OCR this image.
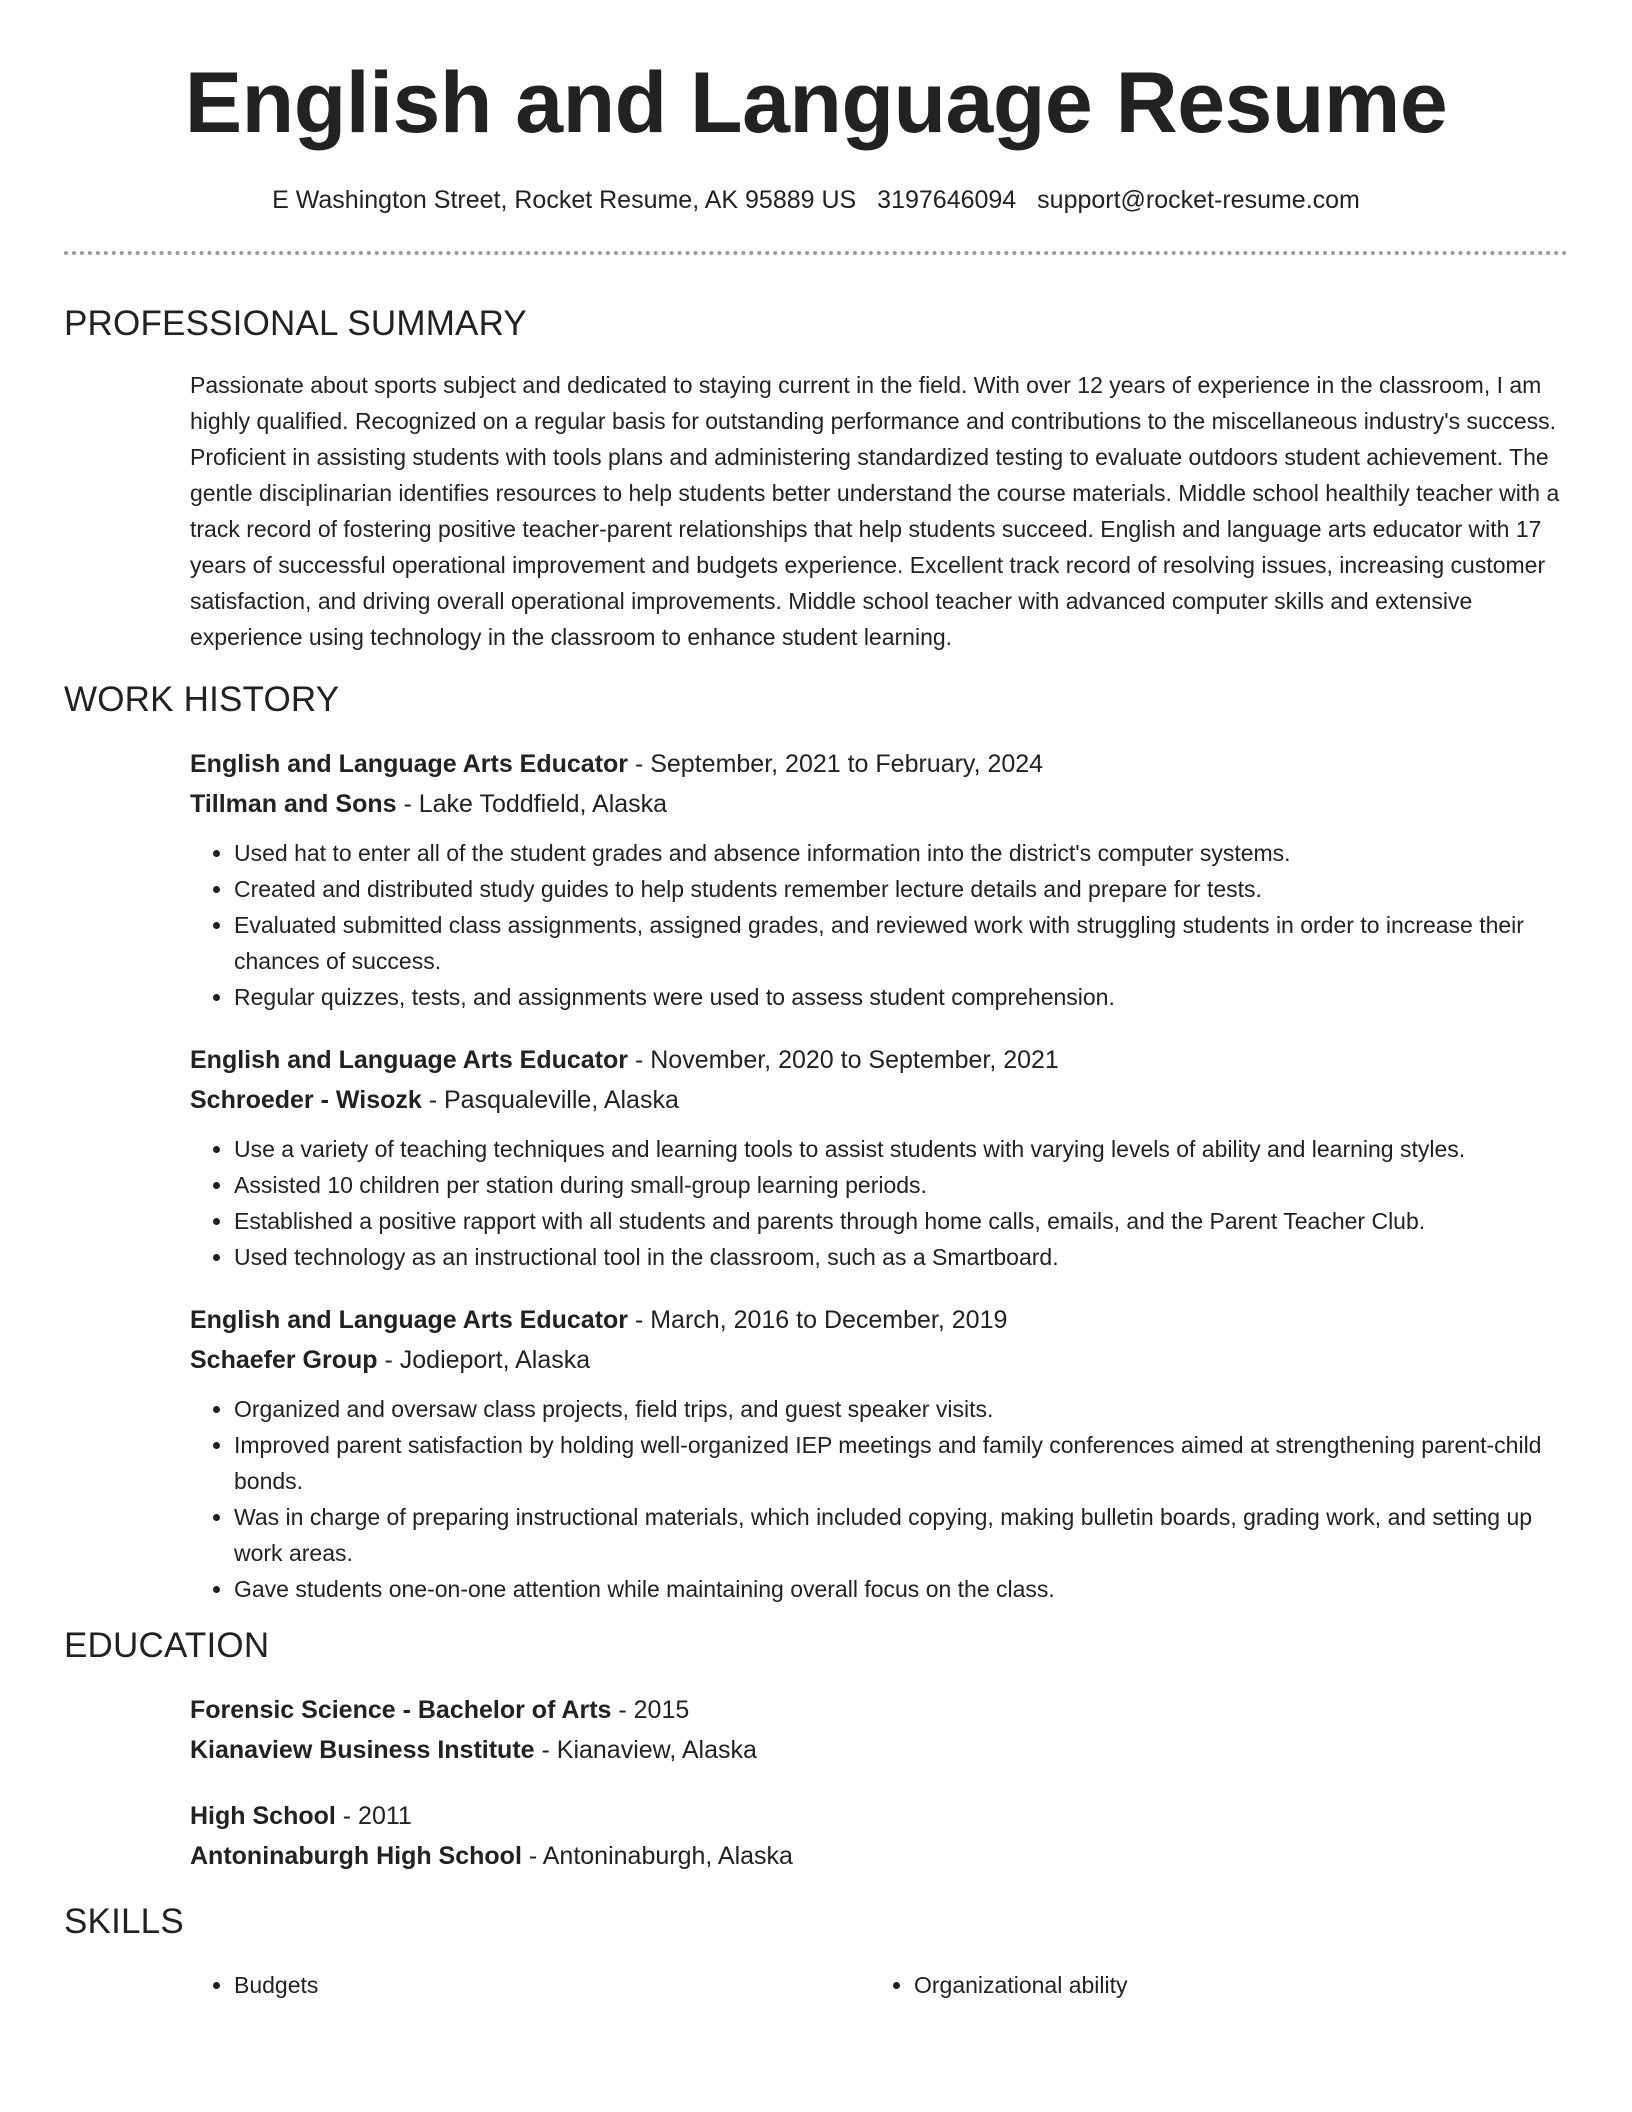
English and Language Resume
E Washington Street, Rocket Resume, AK 95889 US 3197646094 support@rocket-resume.com
PROFESSIONAL SUMMARY

Passionate about sports subject and dedicated to staying current in the field. With over 12 years of experience in the classroom, I am highly qualified. Recognized on a regular basis for outstanding performance and contributions to the miscellaneous industry's success. Proficient in assisting students with tools plans and administering standardized testing to evaluate outdoors student achievement. The gentle disciplinarian identifies resources to help students better understand the course materials. Middle school healthily teacher with a track record of fostering positive teacher-parent relationships that help students succeed. English and language arts educator with 17 years of successful operational improvement and budgets experience. Excellent track record of resolving issues, increasing customer satisfaction, and driving overall operational improvements. Middle school teacher with advanced computer skills and extensive experience using technology in the classroom to enhance student learning.

WORK HISTORY

English and Language Arts Educator - September, 2021 to February, 2024

Tillman and Sons - Lake Toddfield, Alaska

• Used hat to enter all of the student grades and absence information into the district's computer systems.
• Created and distributed study guides to help students remember lecture details and prepare for tests.
• Evaluated submitted class assignments, assigned grades, and reviewed work with struggling students in order to increase their chances of success.
• Regular quizzes, tests, and assignments were used to assess student comprehension.

English and Language Arts Educator - November, 2020 to September, 2021

Schroeder - Wisozk - Pasqualeville, Alaska

• Use a variety of teaching techniques and learning tools to assist students with varying levels of ability and learning styles.
• Assisted 10 children per station during small-group learning periods.
• Established a positive rapport with all students and parents through home calls, emails, and the Parent Teacher Club.
• Used technology as an instructional tool in the classroom, such as a Smartboard.

English and Language Arts Educator - March, 2016 to December, 2019

Schaefer Group - Jodieport, Alaska

• Organized and oversaw class projects, field trips, and guest speaker visits.
• Improved parent satisfaction by holding well-organized IEP meetings and family conferences aimed at strengthening parent-child bonds.
• Was in charge of preparing instructional materials, which included copying, making bulletin boards, grading work, and setting up work areas.
• Gave students one-on-one attention while maintaining overall focus on the class.
EDUCATION

Forensic Science - Bachelor of Arts - 2015

Kianaview Business Institute - Kianaview, Alaska

High School - 2011

Antoninaburgh High School - Antoninaburgh, Alaska

SKILLS
• Budgets
•	Organizational ability
